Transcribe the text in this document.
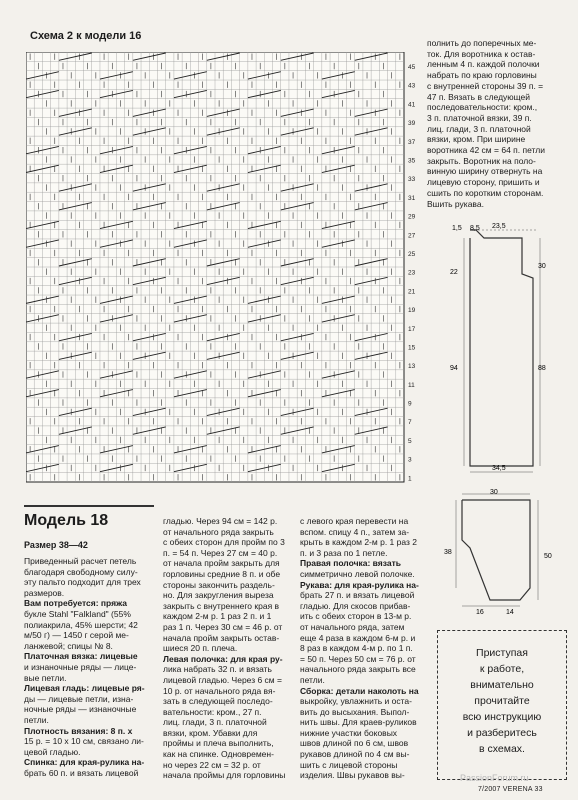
Схема 2 к модели 16
1
3
5
7
9
11
13
15
17
19
21
23
25
27
29
31
33
35
37
39
41
43
45

полнить до поперечных ме-

ток. Для воротника к остав-

ленным 4 п. каждой полочки

набрать по краю горловины

с внутренней стороны 39 п. =

47 п. Вязать в следующей

последовательности: кром.,

3 п. платочной вязки, 39 п.

лиц. глади, 3 п. платочной

вязки, кром. При ширине

воротника 42 см = 64 п. петли

закрыть. Воротник на поло-

винную ширину отвернуть на

лицевую сторону, пришить и

сшить по коротким сторонам.

Вшить рукава.

1,5 8,5 23,5
30
22
94	88
34,5
30
38
50
16	14
Модель 18
Размер 38—42

Приведенный расчет петель

благодаря свободному силу-

эту пальто подходит для трех

размеров.

Вам потребуется: пряжа

букле Stahl "Falkland" (55%

полиакрила, 45% шерсти; 42

м/50 г) — 1450 г серой ме-

ланжевой; спицы № 8.

Платочная вязка: лицевые

и изнаночные ряды — лице-

вые петли.

Лицевая гладь: лицевые ря-

ды — лицевые петли, изна-

ночные ряды — изнаночные

петли.

Плотность вязания: 8 п. х

15 р. = 10 х 10 см, связано ли-

цевой гладью.

Спинка: для края-рулика на-

брать 60 п. и вязать лицевой

гладью. Через 94 см = 142 р.

от начального ряда закрыть

с обеих сторон для пройм по 3

п. = 54 п. Через 27 см = 40 р.

от начала пройм закрыть для

горловины средние 8 п. и обе

стороны закончить раздель-

но. Для закругления выреза

закрыть с внутреннего края в

каждом 2-м р. 1 раз 2 п. и 1

раз 1 п. Через 30 см = 46 р. от

начала пройм закрыть остав-

шиеся 20 п. плеча.

Левая полочка: для края ру-

лика набрать 32 п. и вязать

лицевой гладью. Через 6 см =

10 р. от начального ряда вя-

зать в следующей последо-

вательности: кром., 27 п.

лиц. глади, 3 п. платочной

вязки, кром. Убавки для

проймы и плеча выполнить,

как на спинке. Одновремен-

но через 22 см = 32 р. от

начала проймы для горловины

с левого края перевести на

вспом. спицу 4 п., затем за-

крыть в каждом 2-м р. 1 раз 2

п. и 3 раза по 1 петле.

Правая полочка: вязать

симметрично левой полочке.

Рукава: для края-рулика на-

брать 27 п. и вязать лицевой

гладью. Для скосов прибав-

ить с обеих сторон в 13-м р.

от начального ряда, затем

еще 4 раза в каждом 6-м р. и

8 раз в каждом 4-м р. по 1 п.

= 50 п. Через 50 см = 76 р. от

начального ряда закрыть все

петли.

Сборка: детали наколоть на

выкройку, увлажнить и оста-

вить до высыхания. Выпол-

нить швы. Для краев-руликов

нижние участки боковых

швов длиной по 6 см, швов

рукавов длиной по 4 см вы-

шить с лицевой стороны

изделия. Швы рукавов вы-

Приступая
к работе,
внимательно
прочитайте
всю инструкцию
и разберитесь
в схемах.
PassionForum.ru
7/2007 VERENA 33
